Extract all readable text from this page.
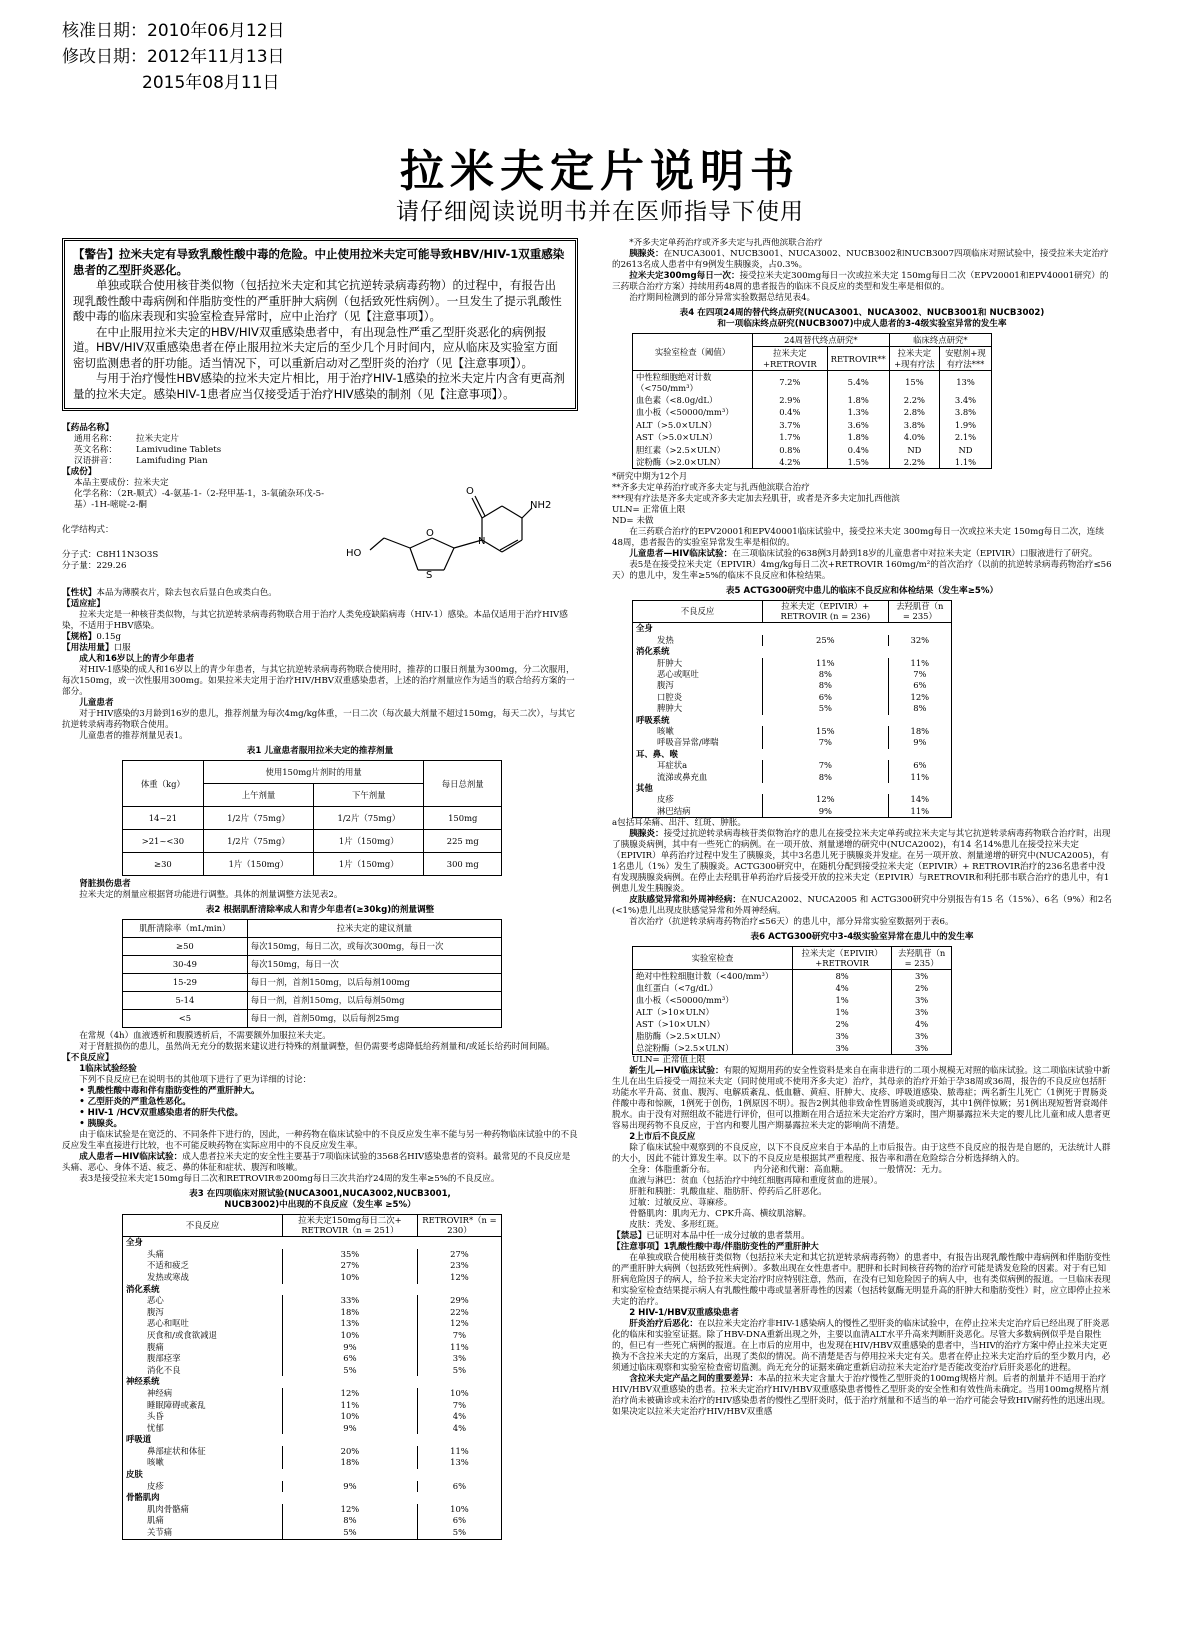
核准日期：2010年06月12日
修改日期：2012年11月13日
2015年08月11日
拉米夫定片说明书
请仔细阅读说明书并在医师指导下使用
【警告】拉米夫定有导致乳酸性酸中毒的危险。中止使用拉米夫定可能导致HBV/HIV-1双重感染患者的乙型肝炎恶化。

单独或联合使用核苷类似物（包括拉米夫定和其它抗逆转录病毒药物）的过程中，有报告出现乳酸性酸中毒病例和伴脂肪变性的严重肝肿大病例（包括致死性病例）。一旦发生了提示乳酸性酸中毒的临床表现和实验室检查异常时，应中止治疗（见【注意事项】）。

在中止服用拉米夫定的HBV/HIV双重感染患者中，有出现急性严重乙型肝炎恶化的病例报道。HBV/HIV双重感染患者在停止服用拉米夫定后的至少几个月时间内，应从临床及实验室方面密切监测患者的肝功能。适当情况下，可以重新启动对乙型肝炎的治疗（见【注意事项】）。

与用于治疗慢性HBV感染的拉米夫定片相比，用于治疗HIV-1感染的拉米夫定片内含有更高剂量的拉米夫定。感染HIV-1患者应当仅接受适于治疗HIV感染的制剂（见【注意事项】）。

【药品名称】
通用名称： 拉米夫定片
英文名称： Lamivudine Tablets
汉语拼音： Lamifuding Pian
【成份】
本品主要成份：拉米夫定
化学名称：（2R-顺式）-4-氨基-1-（2-羟甲基-1，3-氧硫杂环戊-5-基）-1H-嘧啶-2-酮
化学结构式：
分子式：C8H11N3O3S
分子量：229.26
O
N
NH2
HO
O
S
【性状】本品为薄膜衣片，除去包衣后显白色或类白色。
【适应症】
拉米夫定是一种核苷类似物，与其它抗逆转录病毒药物联合用于治疗人类免疫缺陷病毒（HIV-1）感染。本品仅适用于治疗HIV感染，不适用于HBV感染。
【规格】0.15g
【用法用量】口服
成人和16岁以上的青少年患者
对HIV-1感染的成人和16岁以上的青少年患者，与其它抗逆转录病毒药物联合使用时，推荐的口服日剂量为300mg，分二次服用，每次150mg，或一次性服用300mg。如果拉米夫定用于治疗HIV/HBV双重感染患者，上述的治疗剂量应作为适当的联合给药方案的一部分。
儿童患者
对于HIV感染的3月龄到16岁的患儿，推荐剂量为每次4mg/kg体重，一日二次（每次最大剂量不超过150mg，每天二次），与其它抗逆转录病毒药物联合使用。
儿童患者的推荐剂量见表1。
表1 儿童患者服用拉米夫定的推荐剂量
体重（kg）	使用150mg片剂时的用量		每日总剂量
	上午剂量	下午剂量	
14~21	1/2片（75mg）	1/2片（75mg）	150mg
>21~<30	1/2片（75mg）	1片（150mg）	225 mg
≥30	1片（150mg）	1片（150mg）	300 mg
肾脏损伤患者
拉米夫定的剂量应根据肾功能进行调整。具体的剂量调整方法见表2。
表2 根据肌酐清除率成人和青少年患者(≥30kg)的剂量调整
肌酐清除率（mL/min）	拉米夫定的建议剂量
≥50	每次150mg，每日二次，或每次300mg，每日一次
30-49	每次150mg，每日一次
15-29	每日一剂，首剂150mg，以后每剂100mg
5-14	每日一剂，首剂150mg，以后每剂50mg
<5	每日一剂，首剂50mg，以后每剂25mg
在常规（4h）血液透析和腹膜透析后，不需要额外加服拉米夫定。
对于肾脏损伤的患儿，虽然尚无充分的数据来建议进行特殊的剂量调整，但仍需要考虑降低给药剂量和/或延长给药时间间隔。
【不良反应】
1临床试验经验
下列不良反应已在说明书的其他项下进行了更为详细的讨论：
• 乳酸性酸中毒和伴有脂肪变性的严重肝肿大。
• 乙型肝炎的严重急性恶化。
• HIV-1 /HCV双重感染患者的肝失代偿。
• 胰腺炎。
由于临床试验是在宽泛的、不同条件下进行的，因此，一种药物在临床试验中的不良反应发生率不能与另一种药物临床试验中的不良反应发生率直接进行比较，也不可能反映药物在实际应用中的不良反应发生率。
成人患者—HIV临床试验：成人患者拉米夫定的安全性主要基于7项临床试验的3568名HIV感染患者的资料。最常见的不良反应是头痛、恶心、身体不适、疲乏、鼻的体征和症状、腹泻和咳嗽。
表3是接受拉米夫定150mg每日二次和RETROVIR®200mg每日三次共治疗24周的发生率≥5%的不良反应。
表3 在四项临床对照试验(NUCA3001,NUCA3002,NUCB3001,
NUCB3002)中出现的不良反应（发生率 ≥5%）
不良反应	拉米夫定150mg每日二次+ RETROVIR（n = 251）	RETROVIR*（n = 230）
全身		
头痛	35%	27%
不适和疲乏	27%	23%
发热或寒战	10%	12%
消化系统		
恶心	33%	29%
腹泻	18%	22%
恶心和呕吐	13%	12%
厌食和/或食欲减退	10%	7%
腹痛	9%	11%
腹部痉挛	6%	3%
消化不良	5%	5%
神经系统		
神经病	12%	10%
睡眠障碍或紊乱	11%	7%
头昏	10%	4%
忧郁	9%	4%
呼吸道		
鼻部症状和体征	20%	11%
咳嗽	18%	13%
皮肤		
皮疹	9%	6%
骨骼肌肉		
肌肉骨骼痛	12%	10%
肌痛	8%	6%
关节痛	5%	5%
*齐多夫定单药治疗或齐多夫定与扎西他滨联合治疗
胰腺炎：在NUCA3001、NUCB3001、NUCA3002、NUCB3002和NUCB3007四项临床对照试验中，接受拉米夫定治疗的2613名成人患者中有9例发生胰腺炎，占0.3%。
拉米夫定300mg每日一次：接受拉米夫定300mg每日一次或拉米夫定 150mg每日二次（EPV20001和EPV40001研究）的三药联合治疗方案）持续用药48周的患者报告的临床不良反应的类型和发生率是相似的。
治疗期间检测到的部分异常实验数据总结见表4。
表4 在四项24周的替代终点研究(NUCA3001、NUCA3002、NUCB3001和 NUCB3002)
和一项临床终点研究(NUCB3007)中成人患者的3-4级实验室异常的发生率
实验室检查（阈值）	24周替代终点研究*		临床终点研究*	
	拉米夫定+RETROVIR	RETROVIR**	拉米夫定+现有疗法	安慰剂+现有疗法***
中性粒细胞绝对计数（<750/mm³）	7.2%	5.4%	15%	13%
血色素（<8.0g/dL）	2.9%	1.8%	2.2%	3.4%
血小板（<50000/mm³）	0.4%	1.3%	2.8%	3.8%
ALT（>5.0×ULN）	3.7%	3.6%	3.8%	1.9%
AST（>5.0×ULN）	1.7%	1.8%	4.0%	2.1%
胆红素（>2.5×ULN）	0.8%	0.4%	ND	ND
淀粉酶（>2.0×ULN）	4.2%	1.5%	2.2%	1.1%
*研究中期为12个月
**齐多夫定单药治疗或齐多夫定与扎西他滨联合治疗
***现有疗法是齐多夫定或齐多夫定加去羟肌苷，或者是齐多夫定加扎西他滨
ULN= 正常值上限
ND= 未做
在三药联合治疗的EPV20001和EPV40001临床试验中，接受拉米夫定 300mg每日一次或拉米夫定 150mg每日二次，连续48周，患者报告的实验室异常发生率是相似的。
儿童患者—HIV临床试验：在三项临床试验的638例3月龄到18岁的儿童患者中对拉米夫定（EPIVIR）口服液进行了研究。
表5是在接受拉米夫定（EPIVIR）4mg/kg每日二次+RETROVIR 160mg/m²的首次治疗（以前的抗逆转录病毒药物治疗≤56天）的患儿中，发生率≥5%的临床不良反应和体检结果。
表5 ACTG300研究中患儿的临床不良反应和体检结果（发生率≥5%）
不良反应	拉米夫定（EPIVIR）+ RETROVIR (n = 236)	去羟肌苷（n = 235）
全身		
发热	25%	32%
消化系统		
肝肿大	11%	11%
恶心或呕吐	8%	7%
腹泻	8%	6%
口腔炎	6%	12%
脾肿大	5%	8%
呼吸系统		
咳嗽	15%	18%
呼吸音异常/哮喘	7%	9%
耳、鼻、喉		
耳症状a	7%	6%
流涕或鼻充血	8%	11%
其他		
皮疹	12%	14%
淋巴结病	9%	11%
a包括耳朵痛、出汗、红斑、肿胀。
胰腺炎：接受过抗逆转录病毒核苷类似物治疗的患儿在接受拉米夫定单药或拉米夫定与其它抗逆转录病毒药物联合治疗时，出现了胰腺炎病例，其中有一些死亡的病例。在一项开放、剂量递增的研究中(NUCA2002)，有14 名14%患儿在接受拉米夫定（EPIVIR）单药治疗过程中发生了胰腺炎，其中3名患儿死于胰腺炎并发症。在另一项开放、剂量递增的研究中(NUCA2005)，有1名患儿（1%）发生了胰腺炎。ACTG300研究中，在随机分配到接受拉米夫定（EPIVIR）+ RETROVIR治疗的236名患者中没有发现胰腺炎病例。在停止去羟肌苷单药治疗后接受开放的拉米夫定（EPIVIR）与RETROVIR和利托那韦联合治疗的患儿中，有1例患儿发生胰腺炎。
皮肤感觉异常和外周神经病：在NUCA2002、NUCA2005 和 ACTG300研究中分别报告有15 名（15%）、6名（9%）和2名(<1%)患儿出现皮肤感觉异常和外周神经病。
首次治疗（抗逆转录病毒药物治疗≤56天）的患儿中，部分异常实验室数据列于表6。
表6 ACTG300研究中3-4级实验室异常在患儿中的发生率
实验室检查	拉米夫定（EPIVIR）+RETROVIR	去羟肌苷（n = 235）
绝对中性粒细胞计数（<400/mm³）	8%	3%
血红蛋白（<7g/dL）	4%	2%
血小板（<50000/mm³）	1%	3%
ALT（>10×ULN）	1%	3%
AST（>10×ULN）	2%	4%
脂肪酶（>2.5×ULN）	3%	3%
总淀粉酶（>2.5×ULN）	3%	3%
ULN= 正常值上限
新生儿—HIV临床试验：有限的短期用药的安全性资料是来自在南非进行的二项小规模无对照的临床试验。这二项临床试验中新生儿在出生后接受一周拉米夫定（同时使用或不使用齐多夫定）治疗，其母亲的治疗开始于孕38周或36周，报告的不良反应包括肝功能水平升高、贫血、腹泻、电解质紊乱、低血糖、黄疸、肝肿大、皮疹、呼吸道感染、脓毒症；两名新生儿死亡（1例死于胃肠炎伴酸中毒和惊厥，1例死于创伤，1例原因不明）。报告2例其他非致命性胃肠道炎或腹泻，其中1例伴惊厥；另1例出现短暂肾衰竭伴脱水。由于没有对照组故不能进行评价，但可以推断在用合适拉米夫定治疗方案时，围产期暴露拉米夫定的婴儿比儿童和成人患者更容易出现药物不良反应，于宫内和婴儿围产期暴露拉米夫定的影响尚不清楚。
2上市后不良反应
除了临床试验中观察到的不良反应，以下不良反应来自于本品的上市后报告。由于这些不良反应的报告是自愿的，无法统计人群的大小，因此不能计算发生率。以下的不良反应是根据其严重程度、报告率和潜在危险综合分析选择纳入的。
全身：体脂重新分布。　　　　　内分泌和代谢：高血糖。　　　　一般情况：无力。
血液与淋巴：贫血（包括治疗中纯红细胞再障和重度贫血的进展）。
肝脏和胰脏：乳酸血症、脂肪肝、停药后乙肝恶化。
过敏：过敏反应、荨麻疹。
骨骼肌肉：肌肉无力、CPK升高、横纹肌溶解。
皮肤：秃发、多形红斑。
【禁忌】已证明对本品中任一成分过敏的患者禁用。
【注意事项】1乳酸性酸中毒/伴脂肪变性的严重肝肿大
在单独或联合使用核苷类似物（包括拉米夫定和其它抗逆转录病毒药物）的患者中，有报告出现乳酸性酸中毒病例和伴脂肪变性的严重肝肿大病例（包括致死性病例）。多数出现在女性患者中。肥胖和长时间核苷药物的治疗可能是诱发危险的因素。对于有已知肝病危险因子的病人，给予拉米夫定治疗时应特别注意，然而，在没有已知危险因子的病人中，也有类似病例的报道。一旦临床表现和实验室检查结果提示病人有乳酸性酸中毒或显著肝毒性的因素（包括转氨酶无明显升高的肝肿大和脂肪变性）时，应立即停止拉米夫定的治疗。
2 HIV-1/HBV双重感染患者
肝炎治疗后恶化：在以拉米夫定治疗非HIV-1感染病人的慢性乙型肝炎的临床试验中，在停止拉米夫定治疗后已经出现了肝炎恶化的临床和实验室证据。除了HBV-DNA重新出现之外，主要以血清ALT水平升高来判断肝炎恶化。尽管大多数病例似乎是自限性的，但已有一些死亡病例的报道。在上市后的应用中，也发现在HIV/HBV双重感染的患者中，当HIV的治疗方案中停止拉米夫定更换为不含拉米夫定的方案后，出现了类似的情况。尚不清楚是否与停用拉米夫定有关。患者在停止拉米夫定治疗后的至少数月内，必须通过临床观察和实验室检查密切监测。尚无充分的证据来确定重新启动拉米夫定治疗是否能改变治疗后肝炎恶化的进程。
含拉米夫定产品之间的重要差异：本品的拉米夫定含量大于治疗慢性乙型肝炎的100mg规格片剂。后者的剂量并不适用于治疗HIV/HBV双重感染的患者。拉米夫定治疗HIV/HBV双重感染患者慢性乙型肝炎的安全性和有效性尚未确定。当用100mg规格片剂治疗尚未被确诊或未治疗的HIV感染患者的慢性乙型肝炎时，低于治疗剂量和不适当的单一治疗可能会导致HIV耐药性的迅速出现。如果决定以拉米夫定治疗HIV/HBV双重感
